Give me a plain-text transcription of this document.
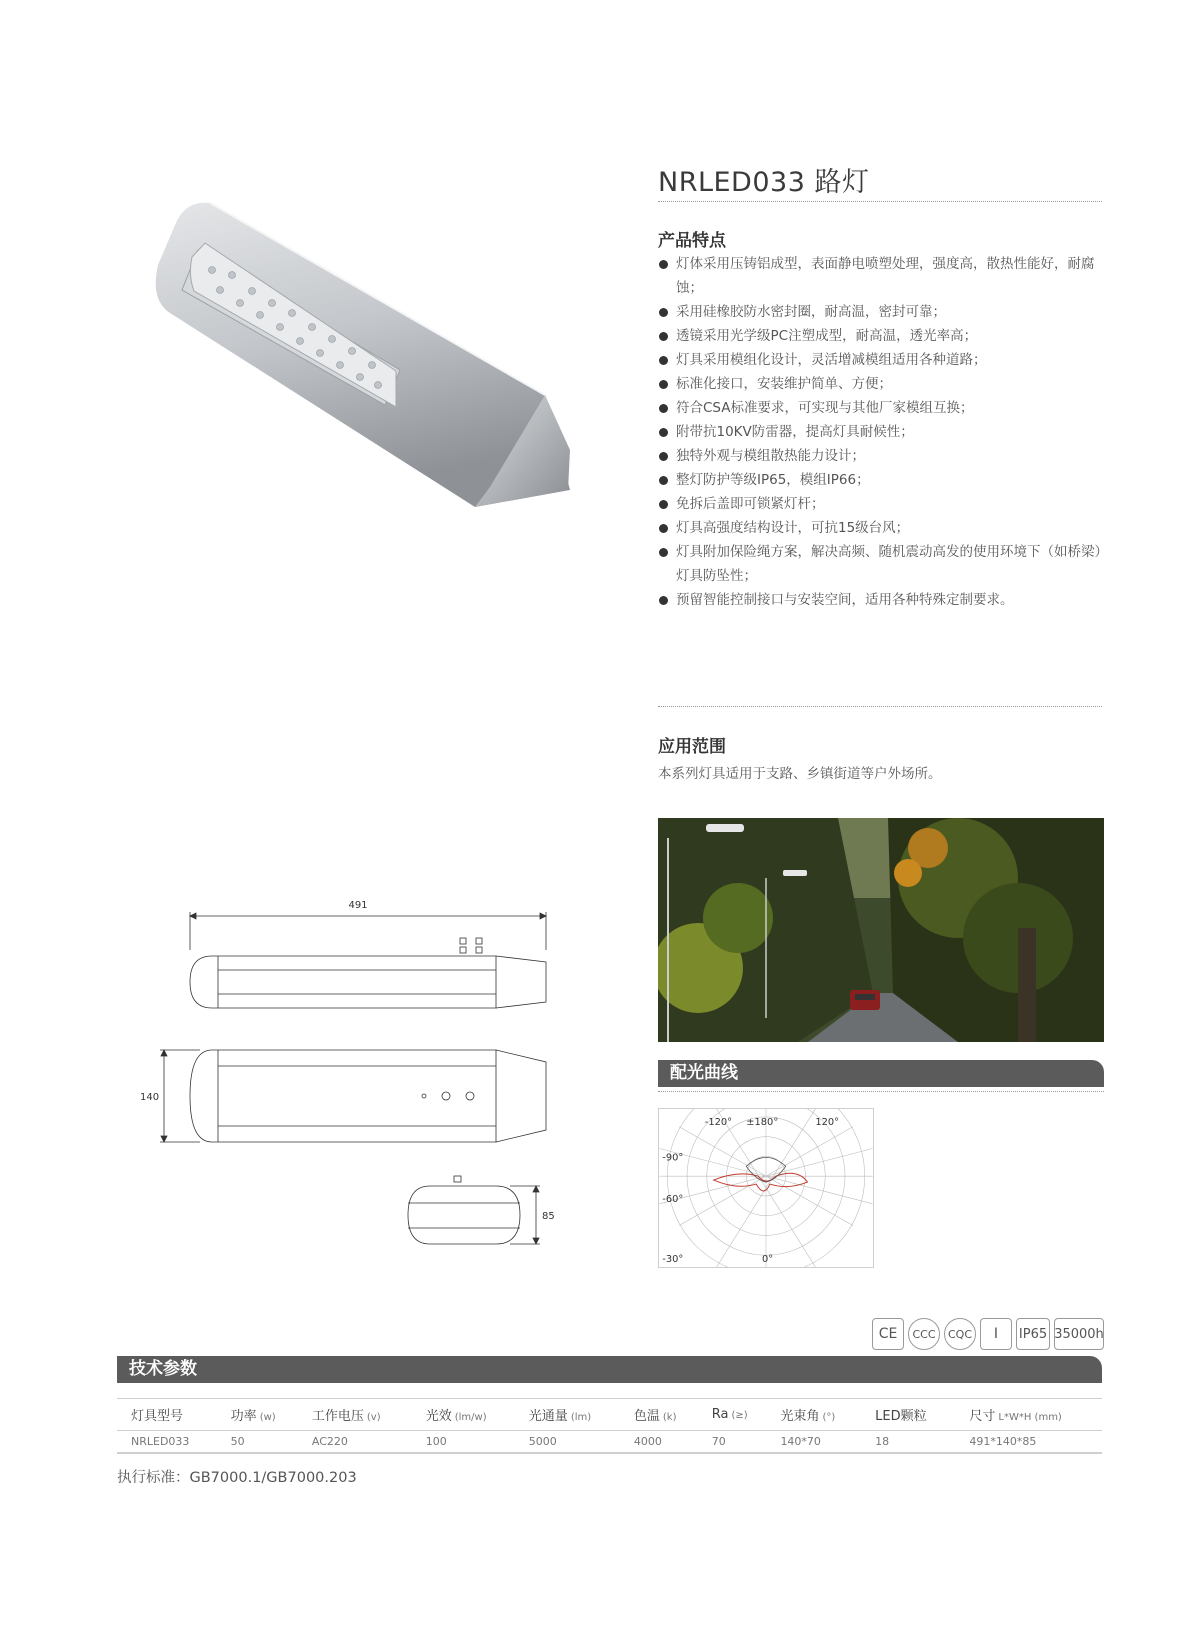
NRLED033 路灯
产品特点
灯体采用压铸铝成型，表面静电喷塑处理，强度高，散热性能好，耐腐蚀；
采用硅橡胶防水密封圈，耐高温，密封可靠；
透镜采用光学级PC注塑成型，耐高温，透光率高；
灯具采用模组化设计，灵活增减模组适用各种道路；
标准化接口，安装维护简单、方便；
符合CSA标准要求，可实现与其他厂家模组互换；
附带抗10KV防雷器，提高灯具耐候性；
独特外观与模组散热能力设计；
整灯防护等级IP65，模组IP66；
免拆后盖即可锁紧灯杆；
灯具高强度结构设计，可抗15级台风；
灯具附加保险绳方案，解决高频、随机震动高发的使用环境下（如桥梁）灯具防坠性；
预留智能控制接口与安装空间，适用各种特殊定制要求。
应用范围
本系列灯具适用于支路、乡镇街道等户外场所。
配光曲线
-120° ±180°	120°
-90°
-60°
-30°	0°
491
140
85
CE	CCC	CQC	Ⅰ	IP65 35000h
技术参数
灯具型号	功率 (w)	工作电压 (v)	光效 (lm/w)	光通量 (lm)	色温 (k)	Ra (≥)	光束角 (°)	LED颗粒	尺寸 L*W*H (mm)
NRLED033	50	AC220	100	5000	4000	70	140*70	18	491*140*85
执行标准：GB7000.1/GB7000.203
